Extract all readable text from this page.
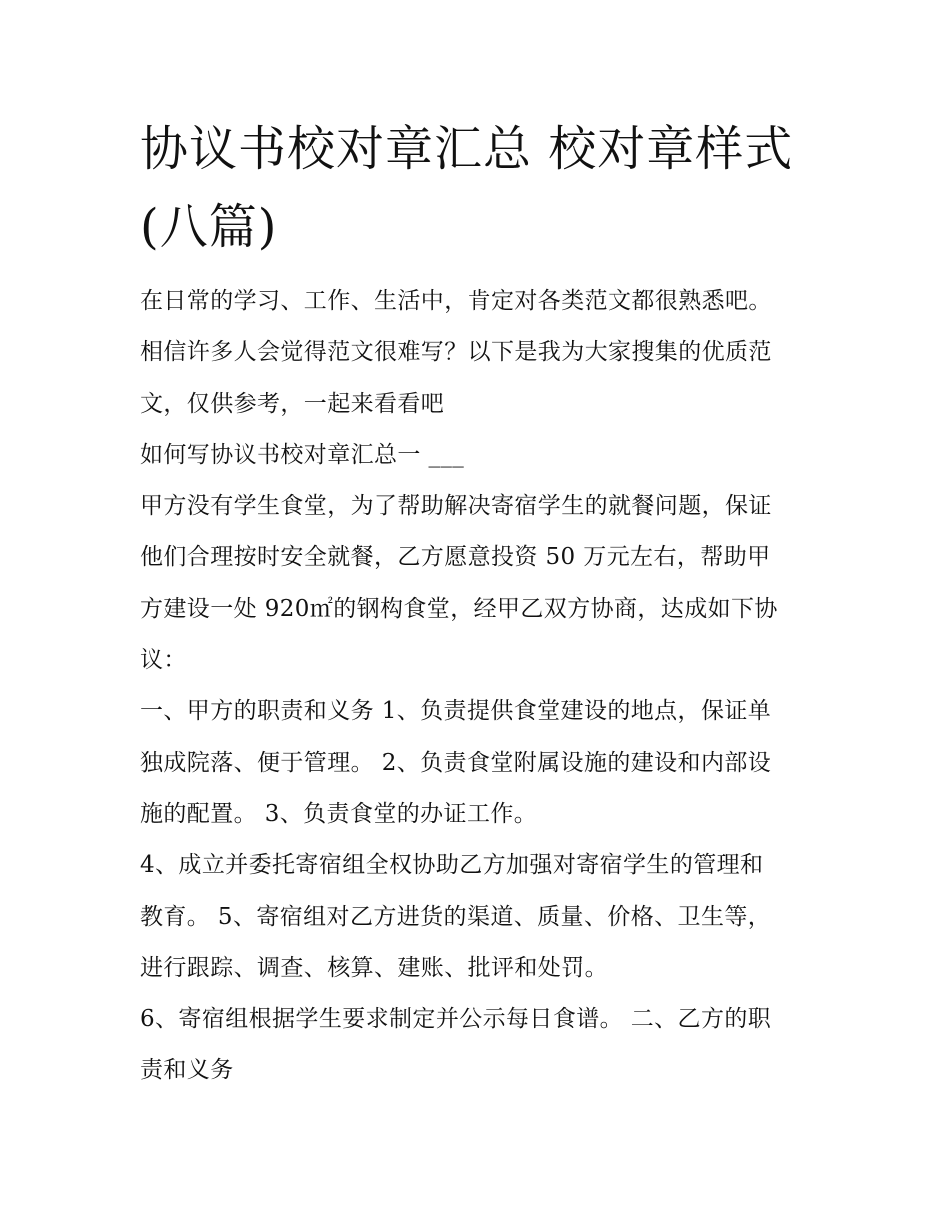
协议书校对章汇总 校对章样式
(八篇)
在日常的学习、工作、生活中，肯定对各类范文都很熟悉吧。
相信许多人会觉得范文很难写？以下是我为大家搜集的优质范
文，仅供参考，一起来看看吧
如何写协议书校对章汇总一 ___
甲方没有学生食堂，为了帮助解决寄宿学生的就餐问题，保证
他们合理按时安全就餐，乙方愿意投资 50 万元左右，帮助甲
方建设一处 920㎡的钢构食堂，经甲乙双方协商，达成如下协
议：
一、甲方的职责和义务 1、负责提供食堂建设的地点，保证单
独成院落、便于管理。 2、负责食堂附属设施的建设和内部设
施的配置。 3、负责食堂的办证工作。
4、成立并委托寄宿组全权协助乙方加强对寄宿学生的管理和
教育。 5、寄宿组对乙方进货的渠道、质量、价格、卫生等，
进行跟踪、调查、核算、建账、批评和处罚。
6、寄宿组根据学生要求制定并公示每日食谱。 二、乙方的职
责和义务
